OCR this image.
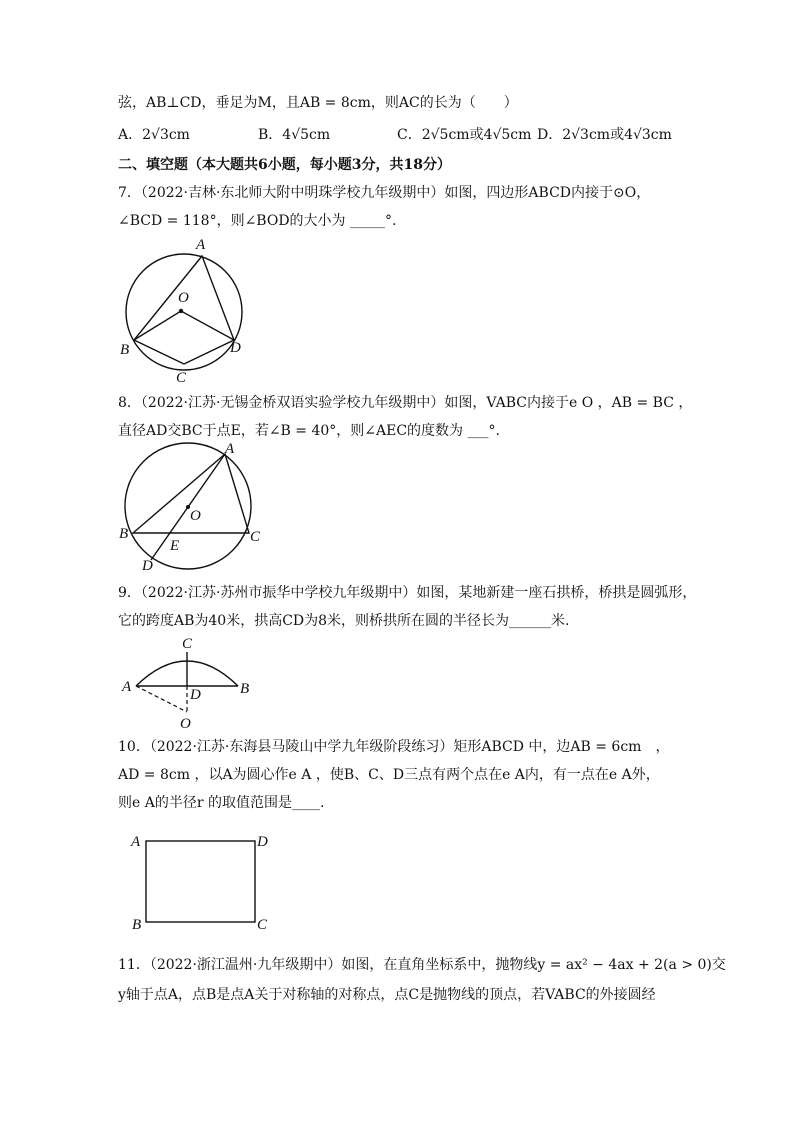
弦，AB⊥CD，垂足为M，且AB = 8cm，则AC的长为（　　）
A．2√3cm	B．4√5cm	C．2√5cm或4√5cm D．2√3cm或4√3cm
二、填空题（本大题共6小题，每小题3分，共18分）
7．（2022·吉林·东北师大附中明珠学校九年级期中）如图，四边形ABCD内接于⊙O，
∠BCD = 118°，则∠BOD的大小为 _____°.
A
O
B	D
C
8．（2022·江苏·无锡金桥双语实验学校九年级期中）如图，VABC内接于e O ，AB = BC ，
直径AD交BC于点E，若∠B = 40°，则∠AEC的度数为 ___°.
A
O
B	C
E
D
9．（2022·江苏·苏州市振华中学校九年级期中）如图，某地新建一座石拱桥，桥拱是圆弧形，
它的跨度AB为40米，拱高CD为8米，则桥拱所在圆的半径长为______米.
C
A	D	B
O
10．（2022·江苏·东海县马陵山中学九年级阶段练习）矩形ABCD 中，边AB = 6cm　，
AD = 8cm ，以A为圆心作e A ，使B、C、D三点有两个点在e A内，有一点在e A外，
则e A的半径r 的取值范围是____.
A	D
B	C
11．（2022·浙江温州·九年级期中）如图，在直角坐标系中，抛物线y = ax² − 4ax + 2(a > 0)交
y轴于点A，点B是点A关于对称轴的对称点，点C是抛物线的顶点，若VABC的外接圆经
